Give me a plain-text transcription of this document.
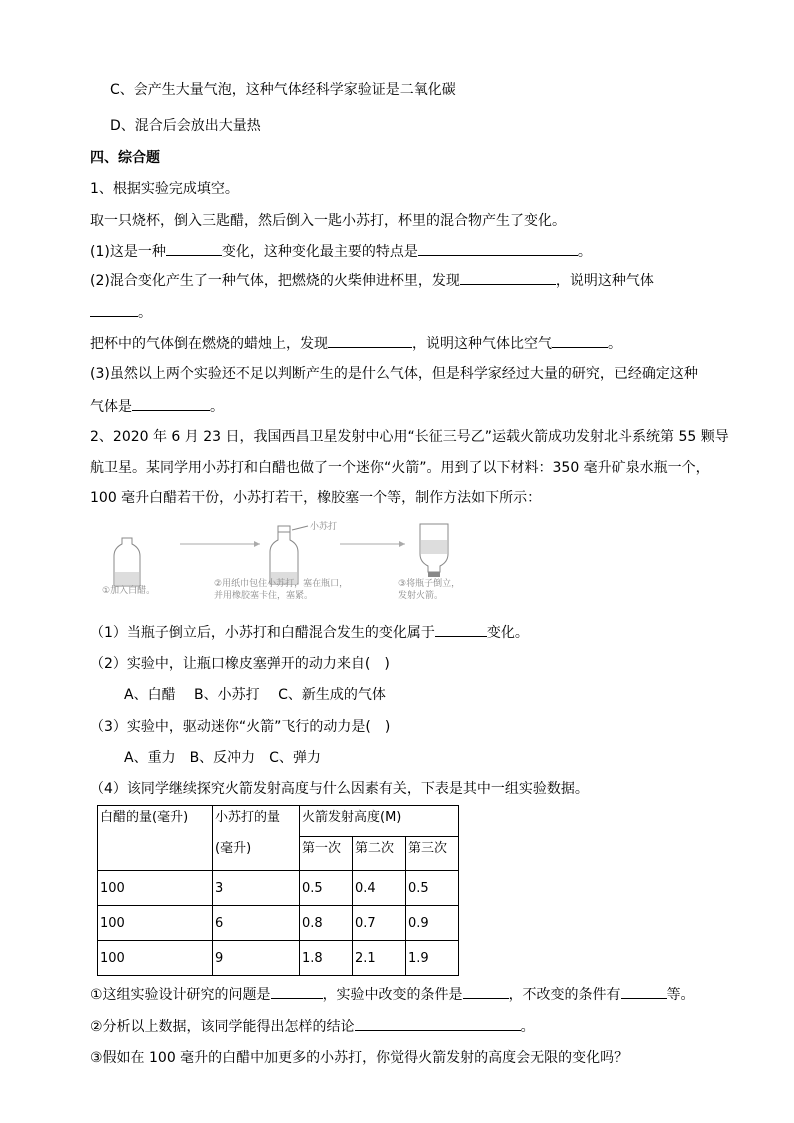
C、会产生大量气泡，这种气体经科学家验证是二氧化碳
D、混合后会放出大量热
四、综合题
1、根据实验完成填空。
取一只烧杯，倒入三匙醋，然后倒入一匙小苏打，杯里的混合物产生了变化。
(1)这是一种	变化，这种变化最主要的特点是	。
(2)混合变化产生了一种气体，把燃烧的火柴伸进杯里，发现	，说明这种气体
。
把杯中的气体倒在燃烧的蜡烛上，发现	，说明这种气体比空气	。
(3)虽然以上两个实验还不足以判断产生的是什么气体，但是科学家经过大量的研究，已经确定这种
气体是	。
2、2020 年 6 月 23 日，我国西昌卫星发射中心用“长征三号乙”运载火箭成功发射北斗系统第 55 颗导
航卫星。某同学用小苏打和白醋也做了一个迷你“火箭”。用到了以下材料：350 毫升矿泉水瓶一个，
100 毫升白醋若干份，小苏打若干，橡胶塞一个等，制作方法如下所示：
小苏打
①加入白醋。
②用纸巾包住小苏打，塞在瓶口，
并用橡胶塞卡住，塞紧。
③将瓶子倒立，
发射火箭。
（1）当瓶子倒立后，小苏打和白醋混合发生的变化属于	变化。
（2）实验中，让瓶口橡皮塞弹开的动力来自(　)
A、白醋　 B、小苏打　 C、新生成的气体
（3）实验中，驱动迷你“火箭”飞行的动力是(　)
A、重力　B、反冲力　C、弹力
（4）该同学继续探究火箭发射高度与什么因素有关，下表是其中一组实验数据。
白醋的量(毫升)	小苏打的量
(毫升)	火箭发射高度(M)		
		第一次	第二次	第三次
100	3	0.5	0.4	0.5
100	6	0.8	0.7	0.9
100	9	1.8	2.1	1.9
①这组实验设计研究的问题是	，实验中改变的条件是	，不改变的条件有	等。
②分析以上数据，该同学能得出怎样的结论	。
③假如在 100 毫升的白醋中加更多的小苏打，你觉得火箭发射的高度会无限的变化吗？
